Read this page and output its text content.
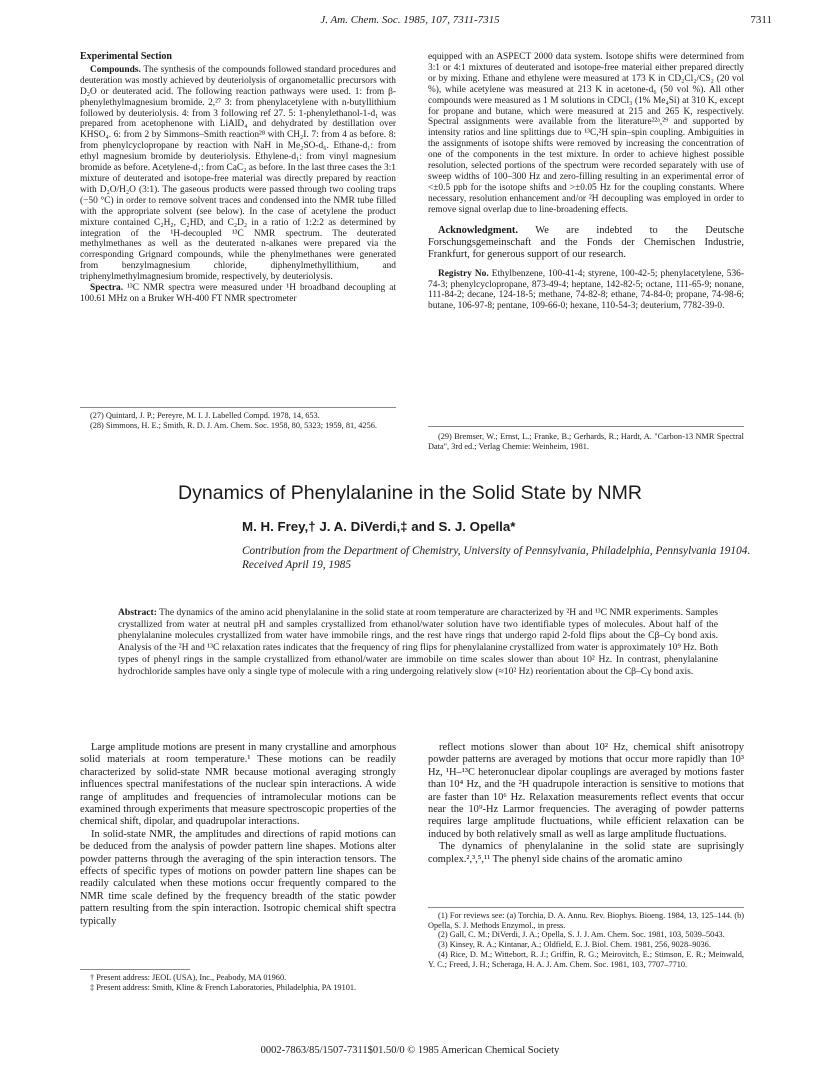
J. Am. Chem. Soc. 1985, 107, 7311-7315	7311
Experimental Section

Compounds. The synthesis of the compounds followed standard procedures and deuteration was mostly achieved by deuteriolysis of organometallic precursors with D₂O or deuterated acid. The following reaction pathways were used. 1: from β-phenylethylmagnesium bromide. 2,²⁷ 3: from phenylacetylene with n-butyllithium followed by deuteriolysis. 4: from 3 following ref 27. 5: 1-phenylethanol-1-d₁ was prepared from acetophenone with LiAlD₄ and dehydrated by destillation over KHSO₄. 6: from 2 by Simmons–Smith reaction²⁸ with CH₂I. 7: from 4 as before. 8: from phenylcyclopropane by reaction with NaH in Me₂SO-d₆. Ethane-d₁: from ethyl magnesium bromide by deuteriolysis. Ethylene-d₁: from vinyl magnesium bromide as before. Acetylene-d₁: from CaC₂ as before. In the last three cases the 3:1 mixture of deuterated and isotope-free material was directly prepared by reaction with D₂O/H₂O (3:1). The gaseous products were passed through two cooling traps (−50 °C) in order to remove solvent traces and condensed into the NMR tube filled with the appropriate solvent (see below). In the case of acetylene the product mixture contained C₂H₂, C₂HD, and C₂D₂ in a ratio of 1:2:2 as determined by integration of the ¹H-decoupled ¹³C NMR spectrum. The deuterated methylmethanes as well as the deuterated n-alkanes were prepared via the corresponding Grignard compounds, while the phenylmethanes were generated from benzylmagnesium chloride, diphenylmethyllithium, and triphenylmethylmagnesium bromide, respectively, by deuteriolysis.

Spectra. ¹³C NMR spectra were measured under ¹H broadband decoupling at 100.61 MHz on a Bruker WH-400 FT NMR spectrometer

equipped with an ASPECT 2000 data system. Isotope shifts were determined from 3:1 or 4:1 mixtures of deuterated and isotope-free material either prepared directly or by mixing. Ethane and ethylene were measured at 173 K in CD₂Cl₂/CS₂ (20 vol %), while acetylene was measured at 213 K in acetone-d₆ (50 vol %). All other compounds were measured as 1 M solutions in CDCl₃ (1% Me₄Si) at 310 K, except for propane and butane, which were measured at 215 and 265 K, respectively. Spectral assignments were available from the literature²²ᵃ,²⁹ and supported by intensity ratios and line splittings due to ¹³C,²H spin–spin coupling. Ambiguities in the assignments of isotope shifts were removed by increasing the concentration of one of the components in the test mixture. In order to achieve highest possible resolution, selected portions of the spectrum were recorded separately with use of sweep widths of 100–300 Hz and zero-filling resulting in an experimental error of <±0.5 ppb for the isotope shifts and >±0.05 Hz for the coupling constants. Where necessary, resolution enhancement and/or ²H decoupling was employed in order to remove signal overlap due to line-broadening effects.

Acknowledgment. We are indebted to the Deutsche Forschungsgemeinschaft and the Fonds der Chemischen Industrie, Frankfurt, for generous support of our research.

Registry No. Ethylbenzene, 100-41-4; styrene, 100-42-5; phenylacetylene, 536-74-3; phenylcyclopropane, 873-49-4; heptane, 142-82-5; octane, 111-65-9; nonane, 111-84-2; decane, 124-18-5; methane, 74-82-8; ethane, 74-84-0; propane, 74-98-6; butane, 106-97-8; pentane, 109-66-0; hexane, 110-54-3; deuterium, 7782-39-0.

(27) Quintard, J. P.; Pereyre, M. I. J. Labelled Compd. 1978, 14, 653.

(28) Simmons, H. E.; Smith, R. D. J. Am. Chem. Soc. 1958, 80, 5323; 1959, 81, 4256.

(29) Bremser, W.; Ernst, L.; Franke, B.; Gerhards, R.; Hardt, A. "Carbon-13 NMR Spectral Data", 3rd ed.; Verlag Chemie: Weinheim, 1981.

Dynamics of Phenylalanine in the Solid State by NMR
M. H. Frey,† J. A. DiVerdi,‡ and S. J. Opella*
Contribution from the Department of Chemistry, University of Pennsylvania, Philadelphia, Pennsylvania 19104. Received April 19, 1985
Abstract: The dynamics of the amino acid phenylalanine in the solid state at room temperature are characterized by ²H and ¹³C NMR experiments. Samples crystallized from water at neutral pH and samples crystallized from ethanol/water solution have two identifiable types of molecules. About half of the phenylalanine molecules crystallized from water have immobile rings, and the rest have rings that undergo rapid 2-fold flips about the Cβ–Cγ bond axis. Analysis of the ²H and ¹³C relaxation rates indicates that the frequency of ring flips for phenylalanine crystallized from water is approximately 10⁹ Hz. Both types of phenyl rings in the sample crystallized from ethanol/water are immobile on time scales slower than about 10² Hz. In contrast, phenylalanine hydrochloride samples have only a single type of molecule with a ring undergoing relatively slow (≈10² Hz) reorientation about the Cβ–Cγ bond axis.

Large amplitude motions are present in many crystalline and amorphous solid materials at room temperature.¹ These motions can be readily characterized by solid-state NMR because motional averaging strongly influences spectral manifestations of the nuclear spin interactions. A wide range of amplitudes and frequencies of intramolecular motions can be examined through experiments that measure spectroscopic properties of the chemical shift, dipolar, and quadrupolar interactions.

In solid-state NMR, the amplitudes and directions of rapid motions can be deduced from the analysis of powder pattern line shapes. Motions alter powder patterns through the averaging of the spin interaction tensors. The effects of specific types of motions on powder pattern line shapes can be readily calculated when these motions occur frequently compared to the NMR time scale defined by the frequency breadth of the static powder pattern resulting from the spin interaction. Isotropic chemical shift spectra typically

† Present address: JEOL (USA), Inc., Peabody, MA 01960.

‡ Present address: Smith, Kline & French Laboratories, Philadelphia, PA 19101.

reflect motions slower than about 10² Hz, chemical shift anisotropy powder patterns are averaged by motions that occur more rapidly than 10³ Hz, ¹H–¹³C heteronuclear dipolar couplings are averaged by motions faster than 10⁴ Hz, and the ²H quadrupole interaction is sensitive to motions that are faster than 10⁶ Hz. Relaxation measurements reflect events that occur near the 10⁹-Hz Larmor frequencies. The averaging of powder patterns requires large amplitude fluctuations, while efficient relaxation can be induced by both relatively small as well as large amplitude fluctuations.

The dynamics of phenylalanine in the solid state are suprisingly complex.²,³,⁵,¹¹ The phenyl side chains of the aromatic amino

(1) For reviews see: (a) Torchia, D. A. Annu. Rev. Biophys. Bioeng. 1984, 13, 125–144. (b) Opella, S. J. Methods Enzymol., in press.

(2) Gall, C. M.; DiVerdi, J. A.; Opella, S. J. J. Am. Chem. Soc. 1981, 103, 5039–5043.

(3) Kinsey, R. A.; Kintanar, A.; Oldfield, E. J. Biol. Chem. 1981, 256, 9028–9036.

(4) Rice, D. M.; Wittebort, R. J.; Griffin, R. G.; Meirovitch, E.; Stimson, E. R.; Meinwald, Y. C.; Freed, J. H.; Scheraga, H. A. J. Am. Chem. Soc. 1981, 103, 7707–7710.

0002-7863/85/1507-7311$01.50/0 © 1985 American Chemical Society
